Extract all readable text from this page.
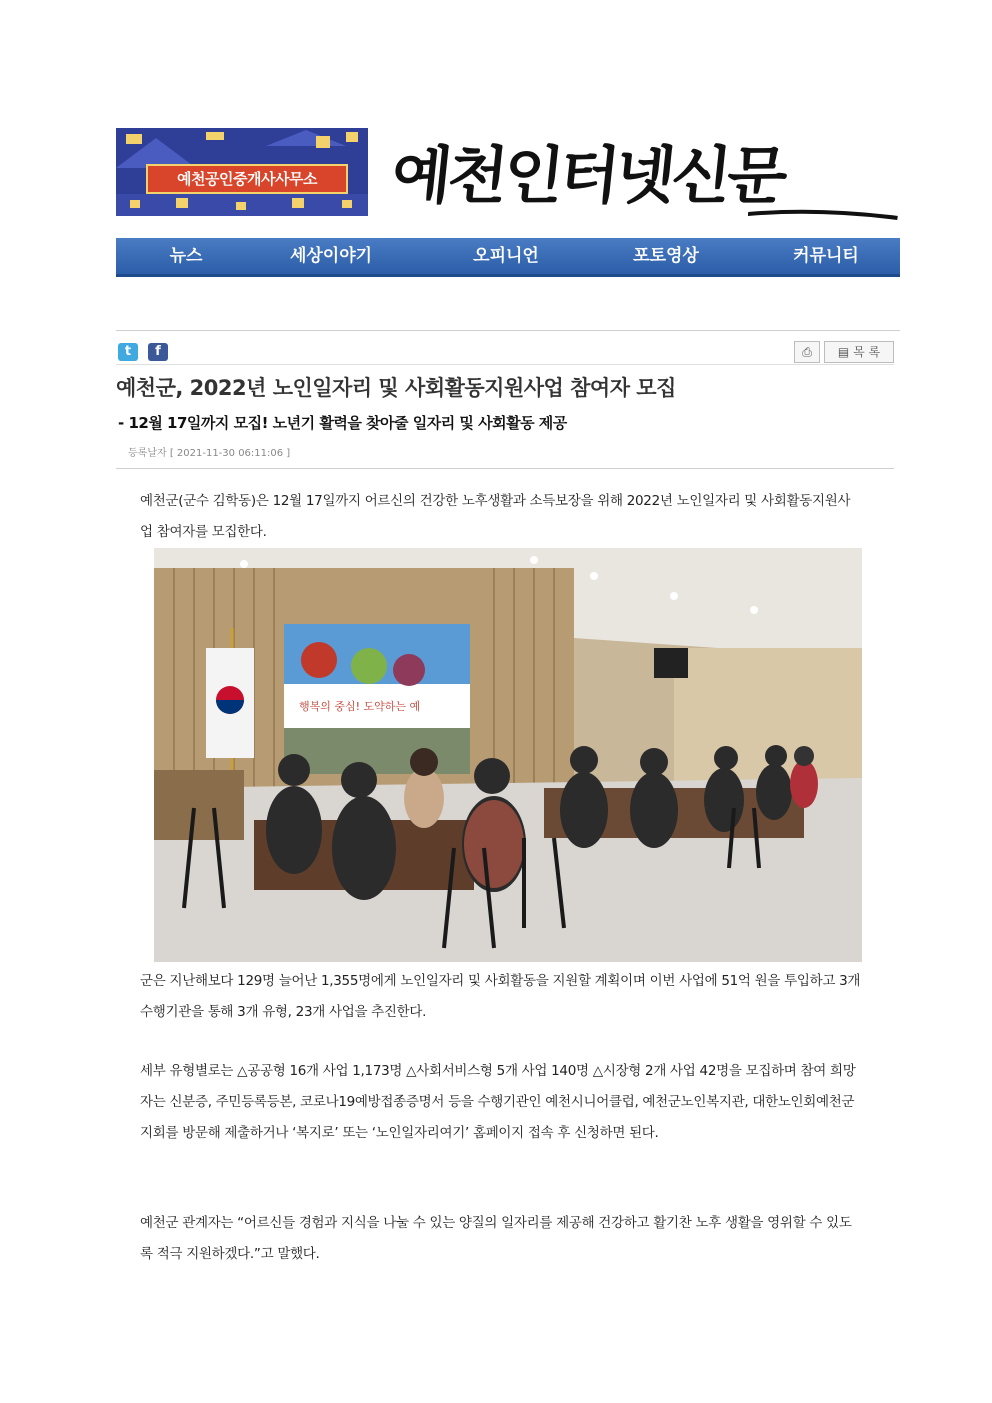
예천공인중개사사무소	예천인터넷신문
뉴스	세상이야기	오피니언	포토영상	커뮤니티
t	f	⎙	▤ 목 록
예천군, 2022년 노인일자리 및 사회활동지원사업 참여자 모집
- 12월 17일까지 모집! 노년기 활력을 찾아줄 일자리 및 사회활동 제공
등록날자 [ 2021-11-30 06:11:06 ]
예천군(군수 김학동)은 12월 17일까지 어르신의 건강한 노후생활과 소득보장을 위해 2022년 노인일자리 및 사회활동지원사업 참여자를 모집한다.
행복의 중심! 도약하는 예
군은 지난해보다 129명 늘어난 1,355명에게 노인일자리 및 사회활동을 지원할 계획이며 이번 사업에 51억 원을 투입하고 3개 수행기관을 통해 3개 유형, 23개 사업을 추진한다.
세부 유형별로는 △공공형 16개 사업 1,173명 △사회서비스형 5개 사업 140명 △시장형 2개 사업 42명을 모집하며 참여 희망자는 신분증, 주민등록등본, 코로나19예방접종증명서 등을 수행기관인 예천시니어클럽, 예천군노인복지관, 대한노인회예천군지회를 방문해 제출하거나 ‘복지로’ 또는 ‘노인일자리여기’ 홈페이지 접속 후 신청하면 된다.
예천군 관계자는 “어르신들 경험과 지식을 나눌 수 있는 양질의 일자리를 제공해 건강하고 활기찬 노후 생활을 영위할 수 있도록 적극 지원하겠다.”고 말했다.
